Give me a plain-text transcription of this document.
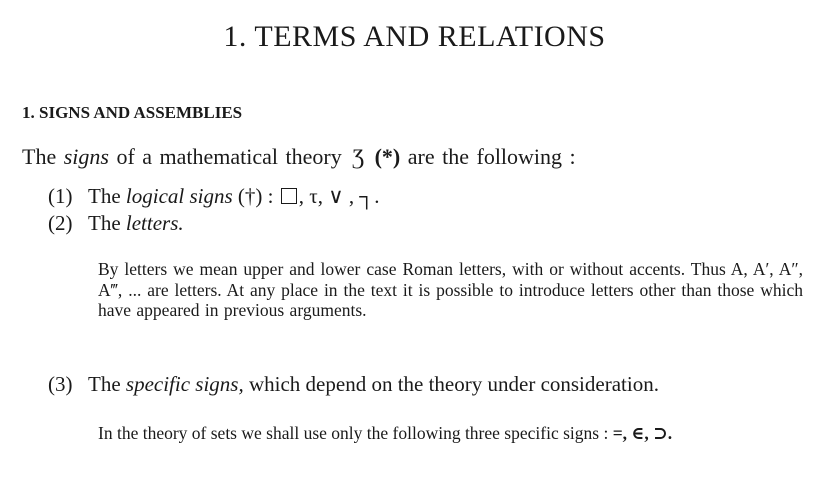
1. TERMS AND RELATIONS
1. SIGNS AND ASSEMBLIES
The signs of a mathematical theory Ʒ (*) are the following :
(1) The logical signs (†) : , τ, ∨ , ┐.
(2) The letters.
By letters we mean upper and lower case Roman letters, with or without accents. Thus A, A′, A″, A‴, ... are letters. At any place in the text it is possible to introduce letters other than those which have appeared in previous arguments.
(3) The specific signs, which depend on the theory under consideration.
In the theory of sets we shall use only the following three specific signs : =, ∈, ⊃.
